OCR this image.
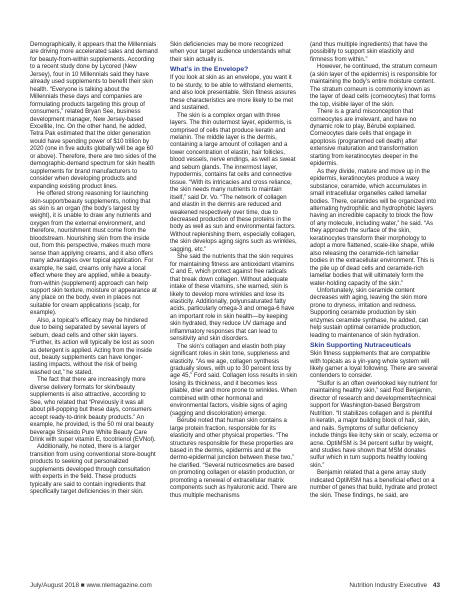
Demographically, it appears that the Millennials are driving more accelerated sales and demand for beauty-from-within supplements. According to a recent study done by Lycored (New Jersey), four in 10 Millennials said they have already used supplements to benefit their skin health. “Everyone is talking about the Millennials these days and companies are formulating products targeting this group of consumers,” related Bryan See, business development manager, New Jersey-based Excellite, Inc. On the other hand, he added, Tetra Pak estimated that the older generation would have spending power of $10 trillion by 2020 (one in five adults globally will be age 60 or above). Therefore, there are two sides of the demographic-demand spectrum for skin health supplements for brand manufacturers to consider when developing products and expanding existing product lines.

He offered strong reasoning for launching skin-support/beauty supplements, noting that as skin is an organ (the body’s largest by weight), it is unable to draw any nutrients and oxygen from the external environment, and therefore, nourishment must come from the bloodstream. Nourishing skin from the inside out, from this perspective, makes much more sense than applying creams, and it also offers many advantages over topical application. For example, he said, creams only have a local effect where they are applied, while a beauty-from-within (supplement) approach can help support skin texture, moisture or appearance at any place on the body, even in places not suitable for cream applications (scalp, for example).

Also, a topical’s efficacy may be hindered due to being separated by several layers of sebum, dead cells and other skin layers. “Further, its action will typically be lost as soon as detergent is applied. Acting from the inside out, beauty supplements can have longer-lasting impacts, without the risk of being washed out,” he stated.

The fact that there are increasingly more diverse delivery formats for skin/beauty supplements is also attractive, according to See, who related that “Previously it was all about pill-popping but these days, consumers accept ready-to-drink beauty products.” An example, he provided, is the 50 ml oral beauty beverage Shiseido Pure White Beauty Care Drink with super vitamin E, tocotrienol (EVNol).

Additionally, he noted, there is a larger transition from using conventional store-bought products to seeking out personalized supplements developed through consultation with experts in the field. These products typically are said to contain ingredients that specifically target deficiencies in their skin.

Skin deficiencies may be more recognized when your target audience understands what their skin actually is.

What’s in the Envelope?

If you look at skin as an envelope, you want it to be sturdy, to be able to withstand elements, and also look presentable. Skin fitness assures these characteristics are more likely to be met and sustained.

The skin is a complex organ with three layers. The thin outermost layer, epidermis, is comprised of cells that produce keratin and melanin. The middle layer is the dermis, containing a large amount of collagen and a lower concentration of elastin, hair follicles, blood vessels, nerve endings, as well as sweat and sebum glands. The innermost layer, hypodermis, contains fat cells and connective tissue. “With its intricacies and cross reliance, the skin needs many nutrients to maintain itself,” said Dr. Vo. “The network of collagen and elastin in the dermis are reduced and weakened respectively over time, due to decreased production of these proteins in the body as well as sun and environmental factors. Without replenishing them, especially collagen, the skin develops aging signs such as wrinkles, sagging, etc.”

She said the nutrients that the skin requires for maintaining fitness are antioxidant vitamins C and E, which protect against free radicals that break down collagen. Without adequate intake of these vitamins, she warned, skin is likely to develop more wrinkles and lose its elasticity. Additionally, polyunsaturated fatty acids, particularly omega-3 and omega-6 have an important role in skin health—by keeping skin hydrated, they reduce UV damage and inflammatory responses that can lead to sensitivity and skin disorders.

The skin’s collagen and elastin both play significant roles in skin tone, suppleness and elasticity. “As we age, collagen synthesis gradually slows, with up to 30 percent loss by age 45,” Ford said. Collagen loss results in skin losing its thickness, and it becomes less pliable, drier and more prone to wrinkles. When combined with other hormonal and environmental factors, visible signs of aging (sagging and discoloration) emerge.

Bérubé noted that human skin contains a large protein fraction, responsible for its elasticity and other physical properties. “The structures responsible for these properties are based in the dermis, epidermis and at the dermo-epidermal junction between these two,” he clarified. “Several nutricosmetics are based on promoting collagen or elastin production, or promoting a renewal of extracellular matrix components such as hyaluronic acid. There are thus multiple mechanisms

(and thus multiple ingredients) that have the possibility to support skin elasticity and firmness from within.”

However, he continued, the stratum corneum (a skin layer of the epidermis) is responsible for maintaining the body’s entire moisture content. The stratum corneum is commonly known as the layer of dead cells (corneocytes) that forms the top, visible layer of the skin.

There is a grand misconception that corneocytes are irrelevant, and have no dynamic role to play, Bérubé explained. Corneocytes dare cells that engage in apoptosis (programmed cell death) after extensive maturation and transformation starting from keratinocytes deeper in the epidermis.

As they divide, mature and move up in the epidermis, keratinocytes produce a waxy substance, ceramide, which accumulates in small intracellular organelles called lamellar bodies. There, ceramides will be organized into alternating hydrophilic and hydrophobic layers having an incredible capacity to block the flow of any molecule, including water,” he said. “As they approach the surface of the skin, keratinocytes transform their morphology to adopt a more flattened, scale-like shape, while also releasing the ceramide-rich lamellar bodies in the extracellular environment. This is the pile up of dead cells and ceramide-rich lamellar bodies that will ultimately form the water-holding capacity of the skin.”

Unfortunately, skin ceramide content decreases with aging, leaving the skin more prone to dryness, irritation and redness. Supporting ceramide production by skin enzymes ceramide synthase, he added, can help sustain optimal ceramide production, leading to maintenance of skin hydration.

Skin Supporting Nutraceuticals

Skin fitness supplements that are compatible with topicals as a yin-yang whole system will likely garner a loyal following. There are several contenders to consider.

“Sulfur is an often overlooked key nutrient for maintaining healthy skin,” said Rod Benjamin, director of research and development/technical support for Washington-based Bergstrom Nutrition. “It stabilizes collagen and is plentiful in keratin, a major building block of hair, skin, and nails. Symptoms of sulfur deficiency include things like itchy skin or scaly, eczema or acne. OptiMSM is 34 percent sulfur by weight, and studies have shown that MSM donates sulfur which in turn supports healthy looking skin.”

Benjamin related that a gene array study indicated OptiMSM has a beneficial effect on a number of genes that build, hydrate and protect the skin. These findings, he said, are

July/August 2018 ■ www.nlemagazine.com	Nutrition Industry Executive 43
